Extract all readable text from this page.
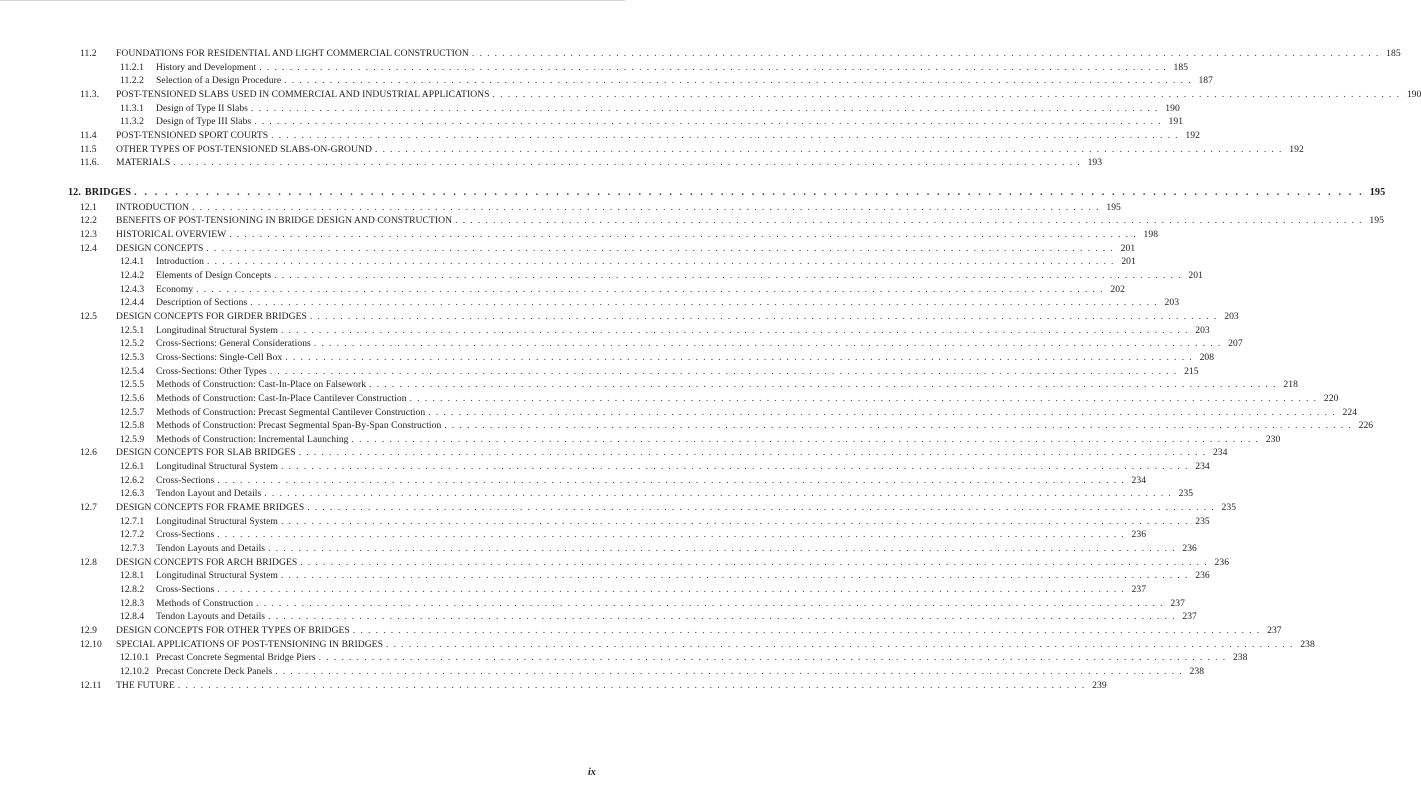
11.2	FOUNDATIONS FOR RESIDENTIAL AND LIGHT COMMERCIAL CONSTRUCTION . . . . . . . . . . . . . . . . . . . . . . . . . . . . . . . . . . . . . . . . . . . . . . . . . . . . . . . . . . . . . . . . . . . . . . . . . . . . . . . . . . . . . . . . . . . . . . . . . . . . . . . . . . . . . . . . . . . . . . . . 185
11.2.1	History and Development . . . . . . . . . . . . . . . . . . . . . . . . . . . . . . . . . . . . . . . . . . . . . . . . . . . . . . . . . . . . . . . . . . . . . . . . . . . . . . . . . . . . . . . . . . . . . . . . . . . . . . . . . . . . . . . . . . . . . . . . 185
11.2.2	Selection of a Design Procedure . . . . . . . . . . . . . . . . . . . . . . . . . . . . . . . . . . . . . . . . . . . . . . . . . . . . . . . . . . . . . . . . . . . . . . . . . . . . . . . . . . . . . . . . . . . . . . . . . . . . . . . . . . . . . . . . . . . . . . . . 187
11.3.	POST-TENSIONED SLABS USED IN COMMERCIAL AND INDUSTRIAL APPLICATIONS . . . . . . . . . . . . . . . . . . . . . . . . . . . . . . . . . . . . . . . . . . . . . . . . . . . . . . . . . . . . . . . . . . . . . . . . . . . . . . . . . . . . . . . . . . . . . . . . . . . . . . . . . . . . . . . . . . . . . . . . 190
11.3.1	Design of Type II Slabs . . . . . . . . . . . . . . . . . . . . . . . . . . . . . . . . . . . . . . . . . . . . . . . . . . . . . . . . . . . . . . . . . . . . . . . . . . . . . . . . . . . . . . . . . . . . . . . . . . . . . . . . . . . . . . . . . . . . . . . . 190
11.3.2	Design of Type III Slabs . . . . . . . . . . . . . . . . . . . . . . . . . . . . . . . . . . . . . . . . . . . . . . . . . . . . . . . . . . . . . . . . . . . . . . . . . . . . . . . . . . . . . . . . . . . . . . . . . . . . . . . . . . . . . . . . . . . . . . . . 191
11.4	POST-TENSIONED SPORT COURTS . . . . . . . . . . . . . . . . . . . . . . . . . . . . . . . . . . . . . . . . . . . . . . . . . . . . . . . . . . . . . . . . . . . . . . . . . . . . . . . . . . . . . . . . . . . . . . . . . . . . . . . . . . . . . . . . . . . . . . . . 192
11.5	OTHER TYPES OF POST-TENSIONED SLABS-ON-GROUND . . . . . . . . . . . . . . . . . . . . . . . . . . . . . . . . . . . . . . . . . . . . . . . . . . . . . . . . . . . . . . . . . . . . . . . . . . . . . . . . . . . . . . . . . . . . . . . . . . . . . . . . . . . . . . . . . . . . . . . . 192
11.6.	MATERIALS . . . . . . . . . . . . . . . . . . . . . . . . . . . . . . . . . . . . . . . . . . . . . . . . . . . . . . . . . . . . . . . . . . . . . . . . . . . . . . . . . . . . . . . . . . . . . . . . . . . . . . . . . . . . . . . . . . . . . . . . 193
12. BRIDGES . . . . . . . . . . . . . . . . . . . . . . . . . . . . . . . . . . . . . . . . . . . . . . . . . . . . . . . . . . . . . . . . . . . . . . . . . . . . . . . . . . . . . . . . . . . . . . . . . . . . . . . . . . . . . . . . . . . . . . . . 195
12.1	INTRODUCTION . . . . . . . . . . . . . . . . . . . . . . . . . . . . . . . . . . . . . . . . . . . . . . . . . . . . . . . . . . . . . . . . . . . . . . . . . . . . . . . . . . . . . . . . . . . . . . . . . . . . . . . . . . . . . . . . . . . . . . . . 195
12.2	BENEFITS OF POST-TENSIONING IN BRIDGE DESIGN AND CONSTRUCTION . . . . . . . . . . . . . . . . . . . . . . . . . . . . . . . . . . . . . . . . . . . . . . . . . . . . . . . . . . . . . . . . . . . . . . . . . . . . . . . . . . . . . . . . . . . . . . . . . . . . . . . . . . . . . . . . . . . . . . . . 195
12.3	HISTORICAL OVERVIEW . . . . . . . . . . . . . . . . . . . . . . . . . . . . . . . . . . . . . . . . . . . . . . . . . . . . . . . . . . . . . . . . . . . . . . . . . . . . . . . . . . . . . . . . . . . . . . . . . . . . . . . . . . . . . . . . . . . . . . . . 198
12.4	DESIGN CONCEPTS . . . . . . . . . . . . . . . . . . . . . . . . . . . . . . . . . . . . . . . . . . . . . . . . . . . . . . . . . . . . . . . . . . . . . . . . . . . . . . . . . . . . . . . . . . . . . . . . . . . . . . . . . . . . . . . . . . . . . . . . 201
12.4.1	Introduction . . . . . . . . . . . . . . . . . . . . . . . . . . . . . . . . . . . . . . . . . . . . . . . . . . . . . . . . . . . . . . . . . . . . . . . . . . . . . . . . . . . . . . . . . . . . . . . . . . . . . . . . . . . . . . . . . . . . . . . . 201
12.4.2	Elements of Design Concepts . . . . . . . . . . . . . . . . . . . . . . . . . . . . . . . . . . . . . . . . . . . . . . . . . . . . . . . . . . . . . . . . . . . . . . . . . . . . . . . . . . . . . . . . . . . . . . . . . . . . . . . . . . . . . . . . . . . . . . . . 201
12.4.3	Economy . . . . . . . . . . . . . . . . . . . . . . . . . . . . . . . . . . . . . . . . . . . . . . . . . . . . . . . . . . . . . . . . . . . . . . . . . . . . . . . . . . . . . . . . . . . . . . . . . . . . . . . . . . . . . . . . . . . . . . . . 202
12.4.4	Description of Sections . . . . . . . . . . . . . . . . . . . . . . . . . . . . . . . . . . . . . . . . . . . . . . . . . . . . . . . . . . . . . . . . . . . . . . . . . . . . . . . . . . . . . . . . . . . . . . . . . . . . . . . . . . . . . . . . . . . . . . . . 203
12.5	DESIGN CONCEPTS FOR GIRDER BRIDGES . . . . . . . . . . . . . . . . . . . . . . . . . . . . . . . . . . . . . . . . . . . . . . . . . . . . . . . . . . . . . . . . . . . . . . . . . . . . . . . . . . . . . . . . . . . . . . . . . . . . . . . . . . . . . . . . . . . . . . . . 203
12.5.1	Longitudinal Structural System . . . . . . . . . . . . . . . . . . . . . . . . . . . . . . . . . . . . . . . . . . . . . . . . . . . . . . . . . . . . . . . . . . . . . . . . . . . . . . . . . . . . . . . . . . . . . . . . . . . . . . . . . . . . . . . . . . . . . . . . 203
12.5.2	Cross-Sections: General Considerations . . . . . . . . . . . . . . . . . . . . . . . . . . . . . . . . . . . . . . . . . . . . . . . . . . . . . . . . . . . . . . . . . . . . . . . . . . . . . . . . . . . . . . . . . . . . . . . . . . . . . . . . . . . . . . . . . . . . . . . . 207
12.5.3	Cross-Sections: Single-Cell Box . . . . . . . . . . . . . . . . . . . . . . . . . . . . . . . . . . . . . . . . . . . . . . . . . . . . . . . . . . . . . . . . . . . . . . . . . . . . . . . . . . . . . . . . . . . . . . . . . . . . . . . . . . . . . . . . . . . . . . . . 208
12.5.4	Cross-Sections: Other Types . . . . . . . . . . . . . . . . . . . . . . . . . . . . . . . . . . . . . . . . . . . . . . . . . . . . . . . . . . . . . . . . . . . . . . . . . . . . . . . . . . . . . . . . . . . . . . . . . . . . . . . . . . . . . . . . . . . . . . . . 215
12.5.5	Methods of Construction: Cast-In-Place on Falsework . . . . . . . . . . . . . . . . . . . . . . . . . . . . . . . . . . . . . . . . . . . . . . . . . . . . . . . . . . . . . . . . . . . . . . . . . . . . . . . . . . . . . . . . . . . . . . . . . . . . . . . . . . . . . . . . . . . . . . . . 218
12.5.6	Methods of Construction: Cast-In-Place Cantilever Construction . . . . . . . . . . . . . . . . . . . . . . . . . . . . . . . . . . . . . . . . . . . . . . . . . . . . . . . . . . . . . . . . . . . . . . . . . . . . . . . . . . . . . . . . . . . . . . . . . . . . . . . . . . . . . . . . . . . . . . . . 220
12.5.7	Methods of Construction: Precast Segmental Cantilever Construction . . . . . . . . . . . . . . . . . . . . . . . . . . . . . . . . . . . . . . . . . . . . . . . . . . . . . . . . . . . . . . . . . . . . . . . . . . . . . . . . . . . . . . . . . . . . . . . . . . . . . . . . . . . . . . . . . . . . . . . . 224
12.5.8	Methods of Construction: Precast Segmental Span-By-Span Construction . . . . . . . . . . . . . . . . . . . . . . . . . . . . . . . . . . . . . . . . . . . . . . . . . . . . . . . . . . . . . . . . . . . . . . . . . . . . . . . . . . . . . . . . . . . . . . . . . . . . . . . . . . . . . . . . . . . . . . . . 226
12.5.9	Methods of Construction: Incremental Launching . . . . . . . . . . . . . . . . . . . . . . . . . . . . . . . . . . . . . . . . . . . . . . . . . . . . . . . . . . . . . . . . . . . . . . . . . . . . . . . . . . . . . . . . . . . . . . . . . . . . . . . . . . . . . . . . . . . . . . . . 230
12.6	DESIGN CONCEPTS FOR SLAB BRIDGES . . . . . . . . . . . . . . . . . . . . . . . . . . . . . . . . . . . . . . . . . . . . . . . . . . . . . . . . . . . . . . . . . . . . . . . . . . . . . . . . . . . . . . . . . . . . . . . . . . . . . . . . . . . . . . . . . . . . . . . . 234
12.6.1	Longitudinal Structural System . . . . . . . . . . . . . . . . . . . . . . . . . . . . . . . . . . . . . . . . . . . . . . . . . . . . . . . . . . . . . . . . . . . . . . . . . . . . . . . . . . . . . . . . . . . . . . . . . . . . . . . . . . . . . . . . . . . . . . . . 234
12.6.2	Cross-Sections . . . . . . . . . . . . . . . . . . . . . . . . . . . . . . . . . . . . . . . . . . . . . . . . . . . . . . . . . . . . . . . . . . . . . . . . . . . . . . . . . . . . . . . . . . . . . . . . . . . . . . . . . . . . . . . . . . . . . . . . 234
12.6.3	Tendon Layout and Details . . . . . . . . . . . . . . . . . . . . . . . . . . . . . . . . . . . . . . . . . . . . . . . . . . . . . . . . . . . . . . . . . . . . . . . . . . . . . . . . . . . . . . . . . . . . . . . . . . . . . . . . . . . . . . . . . . . . . . . . 235
12.7	DESIGN CONCEPTS FOR FRAME BRIDGES . . . . . . . . . . . . . . . . . . . . . . . . . . . . . . . . . . . . . . . . . . . . . . . . . . . . . . . . . . . . . . . . . . . . . . . . . . . . . . . . . . . . . . . . . . . . . . . . . . . . . . . . . . . . . . . . . . . . . . . . 235
12.7.1	Longitudinal Structural System . . . . . . . . . . . . . . . . . . . . . . . . . . . . . . . . . . . . . . . . . . . . . . . . . . . . . . . . . . . . . . . . . . . . . . . . . . . . . . . . . . . . . . . . . . . . . . . . . . . . . . . . . . . . . . . . . . . . . . . . 235
12.7.2	Cross-Sections . . . . . . . . . . . . . . . . . . . . . . . . . . . . . . . . . . . . . . . . . . . . . . . . . . . . . . . . . . . . . . . . . . . . . . . . . . . . . . . . . . . . . . . . . . . . . . . . . . . . . . . . . . . . . . . . . . . . . . . . 236
12.7.3	Tendon Layouts and Details . . . . . . . . . . . . . . . . . . . . . . . . . . . . . . . . . . . . . . . . . . . . . . . . . . . . . . . . . . . . . . . . . . . . . . . . . . . . . . . . . . . . . . . . . . . . . . . . . . . . . . . . . . . . . . . . . . . . . . . . 236
12.8	DESIGN CONCEPTS FOR ARCH BRIDGES . . . . . . . . . . . . . . . . . . . . . . . . . . . . . . . . . . . . . . . . . . . . . . . . . . . . . . . . . . . . . . . . . . . . . . . . . . . . . . . . . . . . . . . . . . . . . . . . . . . . . . . . . . . . . . . . . . . . . . . . 236
12.8.1	Longitudinal Structural System . . . . . . . . . . . . . . . . . . . . . . . . . . . . . . . . . . . . . . . . . . . . . . . . . . . . . . . . . . . . . . . . . . . . . . . . . . . . . . . . . . . . . . . . . . . . . . . . . . . . . . . . . . . . . . . . . . . . . . . . 236
12.8.2	Cross-Sections . . . . . . . . . . . . . . . . . . . . . . . . . . . . . . . . . . . . . . . . . . . . . . . . . . . . . . . . . . . . . . . . . . . . . . . . . . . . . . . . . . . . . . . . . . . . . . . . . . . . . . . . . . . . . . . . . . . . . . . . 237
12.8.3	Methods of Construction . . . . . . . . . . . . . . . . . . . . . . . . . . . . . . . . . . . . . . . . . . . . . . . . . . . . . . . . . . . . . . . . . . . . . . . . . . . . . . . . . . . . . . . . . . . . . . . . . . . . . . . . . . . . . . . . . . . . . . . . 237
12.8.4	Tendon Layouts and Details . . . . . . . . . . . . . . . . . . . . . . . . . . . . . . . . . . . . . . . . . . . . . . . . . . . . . . . . . . . . . . . . . . . . . . . . . . . . . . . . . . . . . . . . . . . . . . . . . . . . . . . . . . . . . . . . . . . . . . . . 237
12.9	DESIGN CONCEPTS FOR OTHER TYPES OF BRIDGES . . . . . . . . . . . . . . . . . . . . . . . . . . . . . . . . . . . . . . . . . . . . . . . . . . . . . . . . . . . . . . . . . . . . . . . . . . . . . . . . . . . . . . . . . . . . . . . . . . . . . . . . . . . . . . . . . . . . . . . . 237
12.10	SPECIAL APPLICATIONS OF POST-TENSIONING IN BRIDGES . . . . . . . . . . . . . . . . . . . . . . . . . . . . . . . . . . . . . . . . . . . . . . . . . . . . . . . . . . . . . . . . . . . . . . . . . . . . . . . . . . . . . . . . . . . . . . . . . . . . . . . . . . . . . . . . . . . . . . . . 238
12.10.1 Precast Concrete Segmental Bridge Piers . . . . . . . . . . . . . . . . . . . . . . . . . . . . . . . . . . . . . . . . . . . . . . . . . . . . . . . . . . . . . . . . . . . . . . . . . . . . . . . . . . . . . . . . . . . . . . . . . . . . . . . . . . . . . . . . . . . . . . . . 238
12.10.2 Precast Concrete Deck Panels . . . . . . . . . . . . . . . . . . . . . . . . . . . . . . . . . . . . . . . . . . . . . . . . . . . . . . . . . . . . . . . . . . . . . . . . . . . . . . . . . . . . . . . . . . . . . . . . . . . . . . . . . . . . . . . . . . . . . . . . 238
12.11	THE FUTURE . . . . . . . . . . . . . . . . . . . . . . . . . . . . . . . . . . . . . . . . . . . . . . . . . . . . . . . . . . . . . . . . . . . . . . . . . . . . . . . . . . . . . . . . . . . . . . . . . . . . . . . . . . . . . . . . . . . . . . . . 239
ix
